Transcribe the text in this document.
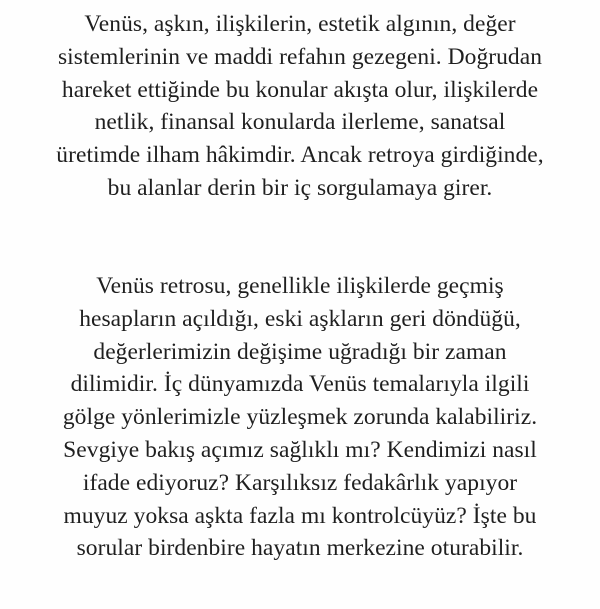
Venüs, aşkın, ilişkilerin, estetik algının, değer
sistemlerinin ve maddi refahın gezegeni. Doğrudan
hareket ettiğinde bu konular akışta olur, ilişkilerde
netlik, finansal konularda ilerleme, sanatsal
üretimde ilham hâkimdir. Ancak retroya girdiğinde,
bu alanlar derin bir iç sorgulamaya girer.

Venüs retrosu, genellikle ilişkilerde geçmiş
hesapların açıldığı, eski aşkların geri döndüğü,
değerlerimizin değişime uğradığı bir zaman
dilimidir. İç dünyamızda Venüs temalarıyla ilgili
gölge yönlerimizle yüzleşmek zorunda kalabiliriz.
Sevgiye bakış açımız sağlıklı mı? Kendimizi nasıl
ifade ediyoruz? Karşılıksız fedakârlık yapıyor
muyuz yoksa aşkta fazla mı kontrolcüyüz? İşte bu
sorular birdenbire hayatın merkezine oturabilir.
